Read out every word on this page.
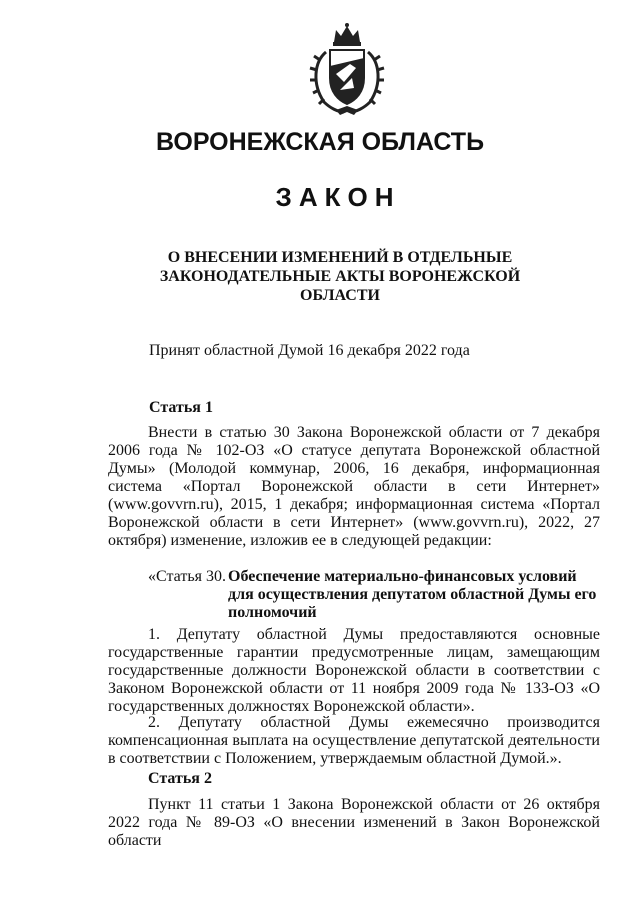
ВОРОНЕЖСКАЯ ОБЛАСТЬ
ЗАКОН
О ВНЕСЕНИИ ИЗМЕНЕНИЙ В ОТДЕЛЬНЫЕ
ЗАКОНОДАТЕЛЬНЫЕ АКТЫ ВОРОНЕЖСКОЙ
ОБЛАСТИ
Принят областной Думой 16 декабря 2022 года
Статья 1
Внести в статью 30 Закона Воронежской области от 7 декабря 2006 года № 102-ОЗ «О статусе депутата Воронежской областной Думы» (Молодой коммунар, 2006, 16 декабря, информационная система «Портал Воронежской области в сети Интернет» (www.govvrn.ru), 2015, 1 декабря; информационная система «Портал Воронежской области в сети Интернет» (www.govvrn.ru), 2022, 27 октября) изменение, изложив ее в следующей редакции:
«Статья 30. Обеспечение материально-финансовых условий для осуществления депутатом областной Думы его полномочий
1. Депутату областной Думы предоставляются основные государственные гарантии предусмотренные лицам, замещающим государственные должности Воронежской области в соответствии с Законом Воронежской области от 11 ноября 2009 года № 133-ОЗ «О государственных должностях Воронежской области».
2. Депутату областной Думы ежемесячно производится компенсационная выплата на осуществление депутатской деятельности в соответствии с Положением, утверждаемым областной Думой.».
Статья 2
Пункт 11 статьи 1 Закона Воронежской области от 26 октября 2022 года № 89-ОЗ «О внесении изменений в Закон Воронежской области
